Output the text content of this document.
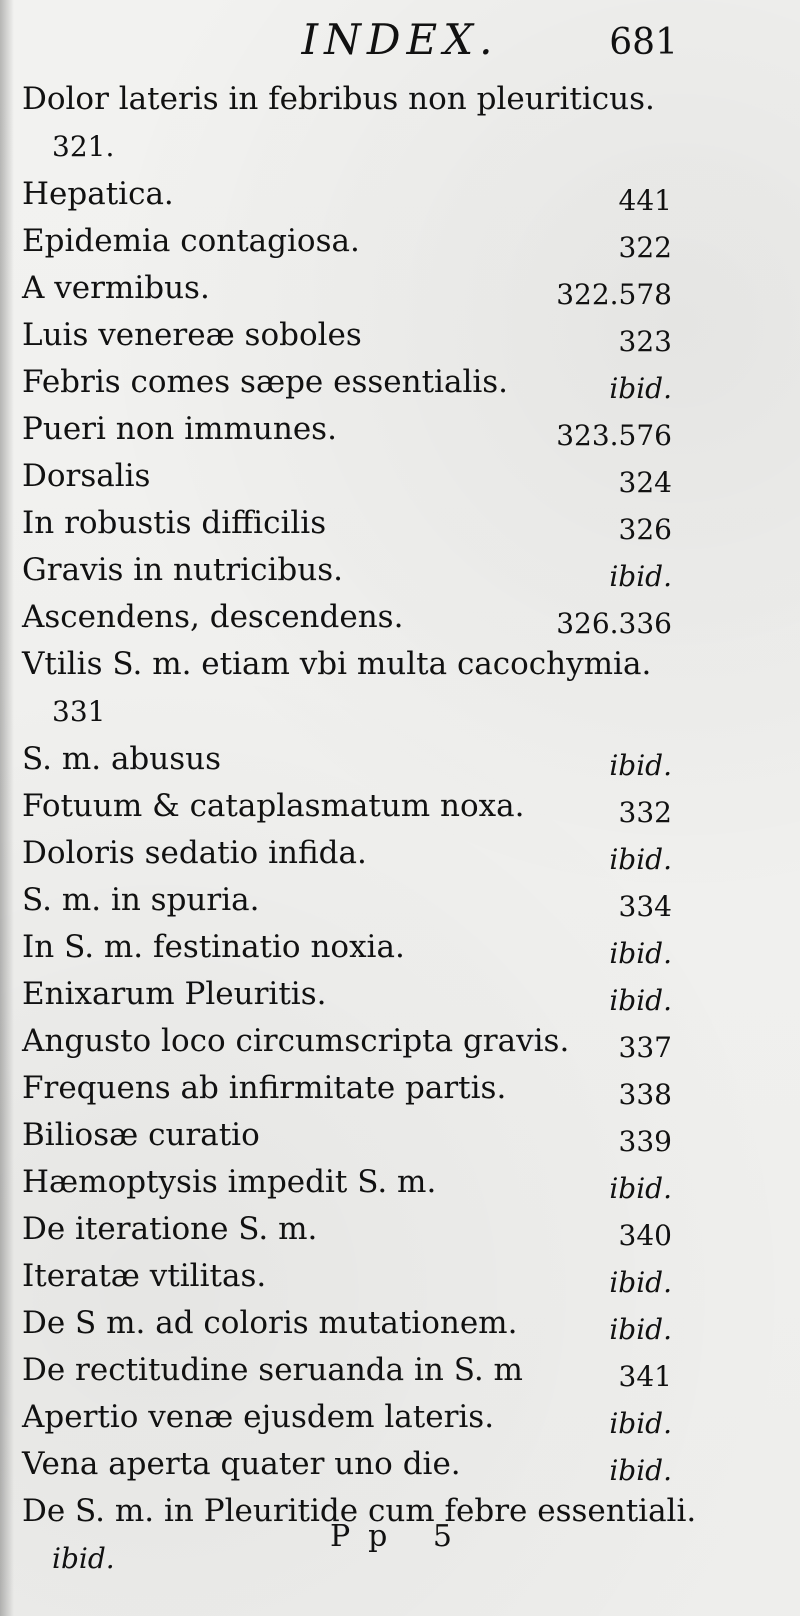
INDEX.	681
Dolor lateris in febribus non pleuriticus.
321.
Hepatica.	441
Epidemia contagiosa.	322
A vermibus.	322.578
Luis venereæ soboles	323
Febris comes sæpe essentialis.	ibid.
Pueri non immunes.	323.576
Dorsalis	324
In robustis difficilis	326
Gravis in nutricibus.	ibid.
Ascendens, descendens.	326.336
Vtilis S. m. etiam vbi multa cacochymia.
331
S. m. abusus	ibid.
Fotuum & cataplasmatum noxa.	332
Doloris sedatio infida.	ibid.
S. m. in spuria.	334
In S. m. festinatio noxia.	ibid.
Enixarum Pleuritis.	ibid.
Angusto loco circumscripta gravis. 337
Frequens ab infirmitate partis.	338
Biliosæ curatio	339
Hæmoptysis impedit S. m.	ibid.
De iteratione S. m.	340
Iteratæ vtilitas.	ibid.
De S m. ad coloris mutationem.	ibid.
De rectitudine seruanda in S. m	341
Apertio venæ ejusdem lateris.	ibid.
Vena aperta quater uno die.	ibid.
De S. m. in Pleuritide cum febre essentiali.
ibid.
Pp 5
